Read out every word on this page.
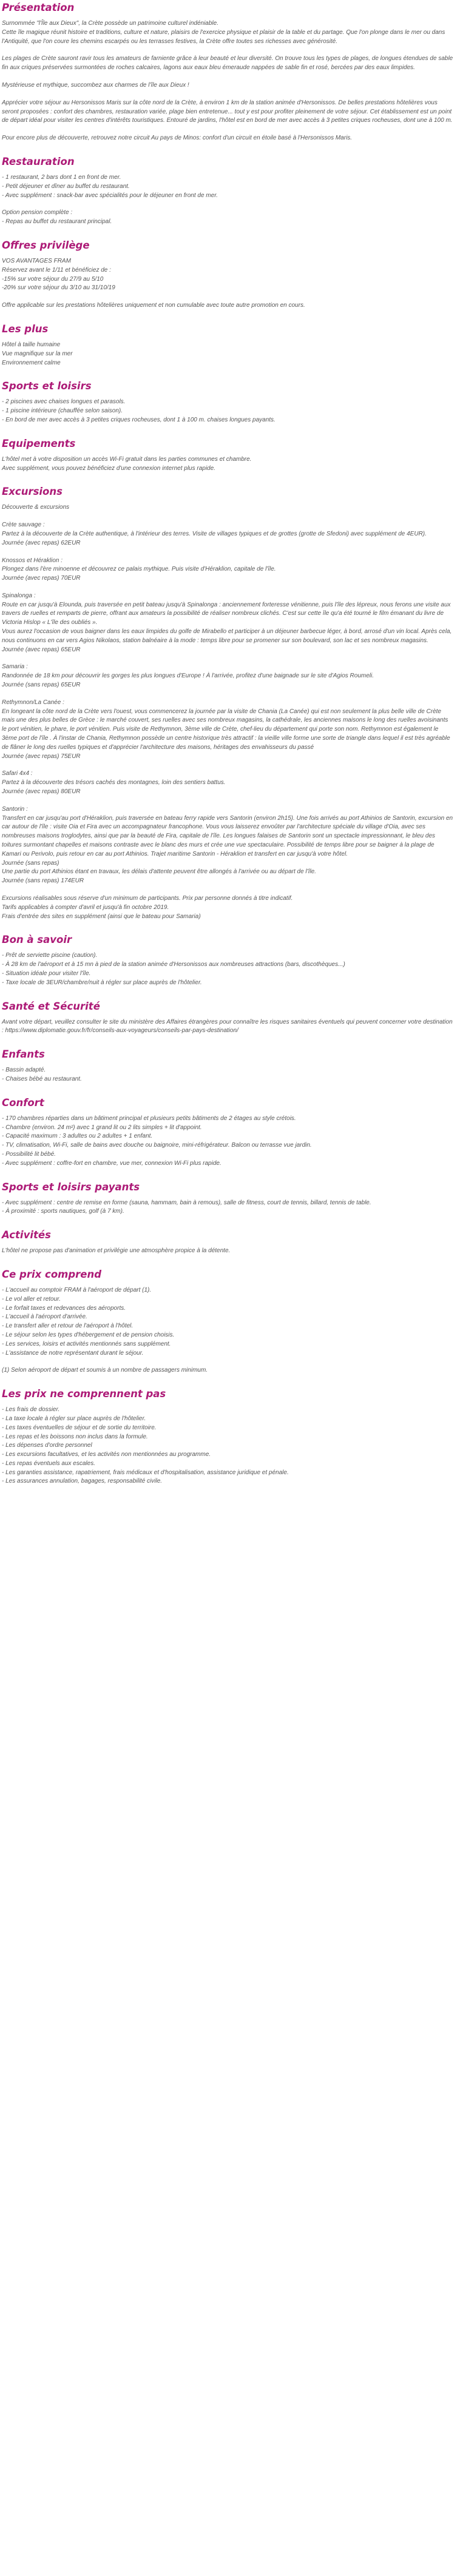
Présentation
Surnommée "l'Île aux Dieux", la Crète possède un patrimoine culturel indéniable.
Cette île magique réunit histoire et traditions, culture et nature, plaisirs de l'exercice physique et plaisir de la table et du partage. Que l'on plonge dans le mer ou dans l'Antiquité, que l'on coure les chemins escarpés ou les terrasses festives, la Crète offre toutes ses richesses avec générosité.
Les plages de Crète sauront ravir tous les amateurs de farniente grâce à leur beauté et leur diversité. On trouve tous les types de plages, de longues étendues de sable fin aux criques préservées surmontées de roches calcaires, lagons aux eaux bleu émeraude nappées de sable fin et rosé, bercées par des eaux limpides.
Mystérieuse et mythique, succombez aux charmes de l'île aux Dieux !
Apprécier votre séjour au Hersonissos Maris sur la côte nord de la Crète, à environ 1 km de la station animée d'Hersonissos. De belles prestations hôtelières vous seront proposées : confort des chambres, restauration variée, plage bien entretenue... tout y est pour profiter pleinement de votre séjour. Cet établissement est un point de départ idéal pour visiter les centres d'intérêts touristiques. Entouré de jardins, l'hôtel est en bord de mer avec accès à 3 petites criques rocheuses, dont une à 100 m.
Pour encore plus de découverte, retrouvez notre circuit Au pays de Minos: confort d'un circuit en étoile basé à l'Hersonissos Maris.
Restauration
- 1 restaurant, 2 bars dont 1 en front de mer.
- Petit déjeuner et dîner au buffet du restaurant.
- Avec supplément : snack-bar avec spécialités pour le déjeuner en front de mer.
Option pension complète :
- Repas au buffet du restaurant principal.
Offres privilège
VOS AVANTAGES FRAM
Réservez avant le 1/11 et bénéficiez de :
-15% sur votre séjour du 27/9 au 5/10
-20% sur votre séjour du 3/10 au 31/10/19
Offre applicable sur les prestations hôtelières uniquement et non cumulable avec toute autre promotion en cours.
Les plus
Hôtel à taille humaine
Vue magnifique sur la mer
Environnement calme
Sports et loisirs
- 2 piscines avec chaises longues et parasols.
- 1 piscine intérieure (chauffée selon saison).
- En bord de mer avec accès à 3 petites criques rocheuses, dont 1 à 100 m. chaises longues payants.
Equipements
L'hôtel met à votre disposition un accès Wi-Fi gratuit dans les parties communes et chambre.
Avec supplément, vous pouvez bénéficiez d'une connexion internet plus rapide.
Excursions
Découverte & excursions
Crète sauvage :
Partez à la découverte de la Crète authentique, à l'intérieur des terres. Visite de villages typiques et de grottes (grotte de Sfedoni) avec supplément de 4EUR).
Journée (avec repas) 62EUR
Knossos et Héraklion :
Plongez dans l'ère minoenne et découvrez ce palais mythique. Puis visite d'Héraklion, capitale de l'île.
Journée (avec repas) 70EUR
Spinalonga :
Route en car jusqu'à Elounda, puis traversée en petit bateau jusqu'à Spinalonga : anciennement forteresse vénitienne, puis l'île des lépreux, nous ferons une visite aux travers de ruelles et remparts de pierre, offrant aux amateurs la possibilité de réaliser nombreux clichés. C'est sur cette île qu'a été tourné le film émanant du livre de Victoria Hislop « L'île des oubliés ».
Vous aurez l'occasion de vous baigner dans les eaux limpides du golfe de Mirabello et participer à un déjeuner barbecue léger, à bord, arrosé d'un vin local. Après cela, nous continuons en car vers Agios Nikolaos, station balnéaire à la mode : temps libre pour se promener sur son boulevard, son lac et ses nombreux magasins.
Journée (avec repas) 65EUR
Samaria :
Randonnée de 18 km pour découvrir les gorges les plus longues d'Europe ! À l'arrivée, profitez d'une baignade sur le site d'Agios Roumeli.
Journée (sans repas) 65EUR
Rethymnon/La Canée :
En longeant la côte nord de la Crète vers l'ouest, vous commencerez la journée par la visite de Chania (La Canée) qui est non seulement la plus belle ville de Crète mais une des plus belles de Grèce : le marché couvert, ses ruelles avec ses nombreux magasins, la cathédrale, les anciennes maisons le long des ruelles avoisinants le port vénitien, le phare, le port vénitien. Puis visite de Rethymnon, 3ème ville de Crète, chef-lieu du département qui porte son nom. Rethymnon est également le 3ème port de l'île . À l'instar de Chania, Rethymnon possède un centre historique très attractif : la vieille ville forme une sorte de triangle dans lequel il est très agréable de flâner le long des ruelles typiques et d'apprécier l'architecture des maisons, héritages des envahisseurs du passé
Journée (avec repas) 75EUR
Safari 4x4 :
Partez à la découverte des trésors cachés des montagnes, loin des sentiers battus.
Journée (avec repas) 80EUR
Santorin :
Transfert en car jusqu'au port d'Héraklion, puis traversée en bateau ferry rapide vers Santorin (environ 2h15). Une fois arrivés au port Athinios de Santorin, excursion en car autour de l'île : visite Oia et Fira avec un accompagnateur francophone. Vous vous laisserez envoûter par l'architecture spéciale du village d'Oia, avec ses nombreuses maisons troglodytes, ainsi que par la beauté de Fira, capitale de l'île. Les longues falaises de Santorin sont un spectacle impressionnant, le bleu des toitures surmontant chapelles et maisons contraste avec le blanc des murs et crée une vue spectaculaire. Possibilité de temps libre pour se baigner à la plage de Kamari ou Perivolo, puis retour en car au port Athinios. Trajet maritime Santorin - Héraklion et transfert en car jusqu'à votre hôtel.
Journée (sans repas)
Une partie du port Athinios étant en travaux, les délais d'attente peuvent être allongés à l'arrivée ou au départ de l'île.
Journée (sans repas) 174EUR
Excursions réalisables sous réserve d'un minimum de participants. Prix par personne donnés à titre indicatif.
Tarifs applicables à compter d'avril et jusqu'à fin octobre 2019.
Frais d'entrée des sites en supplément (ainsi que le bateau pour Samaria)
Bon à savoir
- Prêt de serviette piscine (caution).
- À 28 km de l'aéroport et à 15 mn à pied de la station animée d'Hersonissos aux nombreuses attractions (bars, discothèques...)
- Situation idéale pour visiter l'île.
- Taxe locale de 3EUR/chambre/nuit à régler sur place auprès de l'hôtelier.
Santé et Sécurité
Avant votre départ, veuillez consulter le site du ministère des Affaires étrangères pour connaître les risques sanitaires éventuels qui peuvent concerner votre destination : https://www.diplomatie.gouv.fr/fr/conseils-aux-voyageurs/conseils-par-pays-destination/
Enfants
- Bassin adapté.
- Chaises bébé au restaurant.
Confort
- 170 chambres réparties dans un bâtiment principal et plusieurs petits bâtiments de 2 étages au style crétois.
- Chambre (environ. 24 m²) avec 1 grand lit ou 2 lits simples + lit d'appoint.
- Capacité maximum : 3 adultes ou 2 adultes + 1 enfant.
- TV, climatisation, Wi-Fi, salle de bains avec douche ou baignoire, mini-réfrigérateur. Balcon ou terrasse vue jardin.
- Possibilité lit bébé.
- Avec supplément : coffre-fort en chambre, vue mer, connexion Wi-Fi plus rapide.
Sports et loisirs payants
- Avec supplément : centre de remise en forme (sauna, hammam, bain à remous), salle de fitness, court de tennis, billard, tennis de table.
- À proximité : sports nautiques, golf (à 7 km).
Activités
L'hôtel ne propose pas d'animation et privilégie une atmosphère propice à la détente.
Ce prix comprend
- L'accueil au comptoir FRAM à l'aéroport de départ (1).
- Le vol aller et retour.
- Le forfait taxes et redevances des aéroports.
- L'accueil à l'aéroport d'arrivée.
- Le transfert aller et retour de l'aéroport à l'hôtel.
- Le séjour selon les types d'hébergement et de pension choisis.
- Les services, loisirs et activités mentionnés sans supplément.
- L'assistance de notre représentant durant le séjour.
(1) Selon aéroport de départ et soumis à un nombre de passagers minimum.
Les prix ne comprennent pas
- Les frais de dossier.
- La taxe locale à régler sur place auprès de l'hôtelier.
- Les taxes éventuelles de séjour et de sortie du territoire.
- Les repas et les boissons non inclus dans la formule.
- Les dépenses d'ordre personnel
- Les excursions facultatives, et les activités non mentionnées au programme.
- Les repas éventuels aux escales.
- Les garanties assistance, rapatriement, frais médicaux et d'hospitalisation, assistance juridique et pénale.
- Les assurances annulation, bagages, responsabilité civile.
